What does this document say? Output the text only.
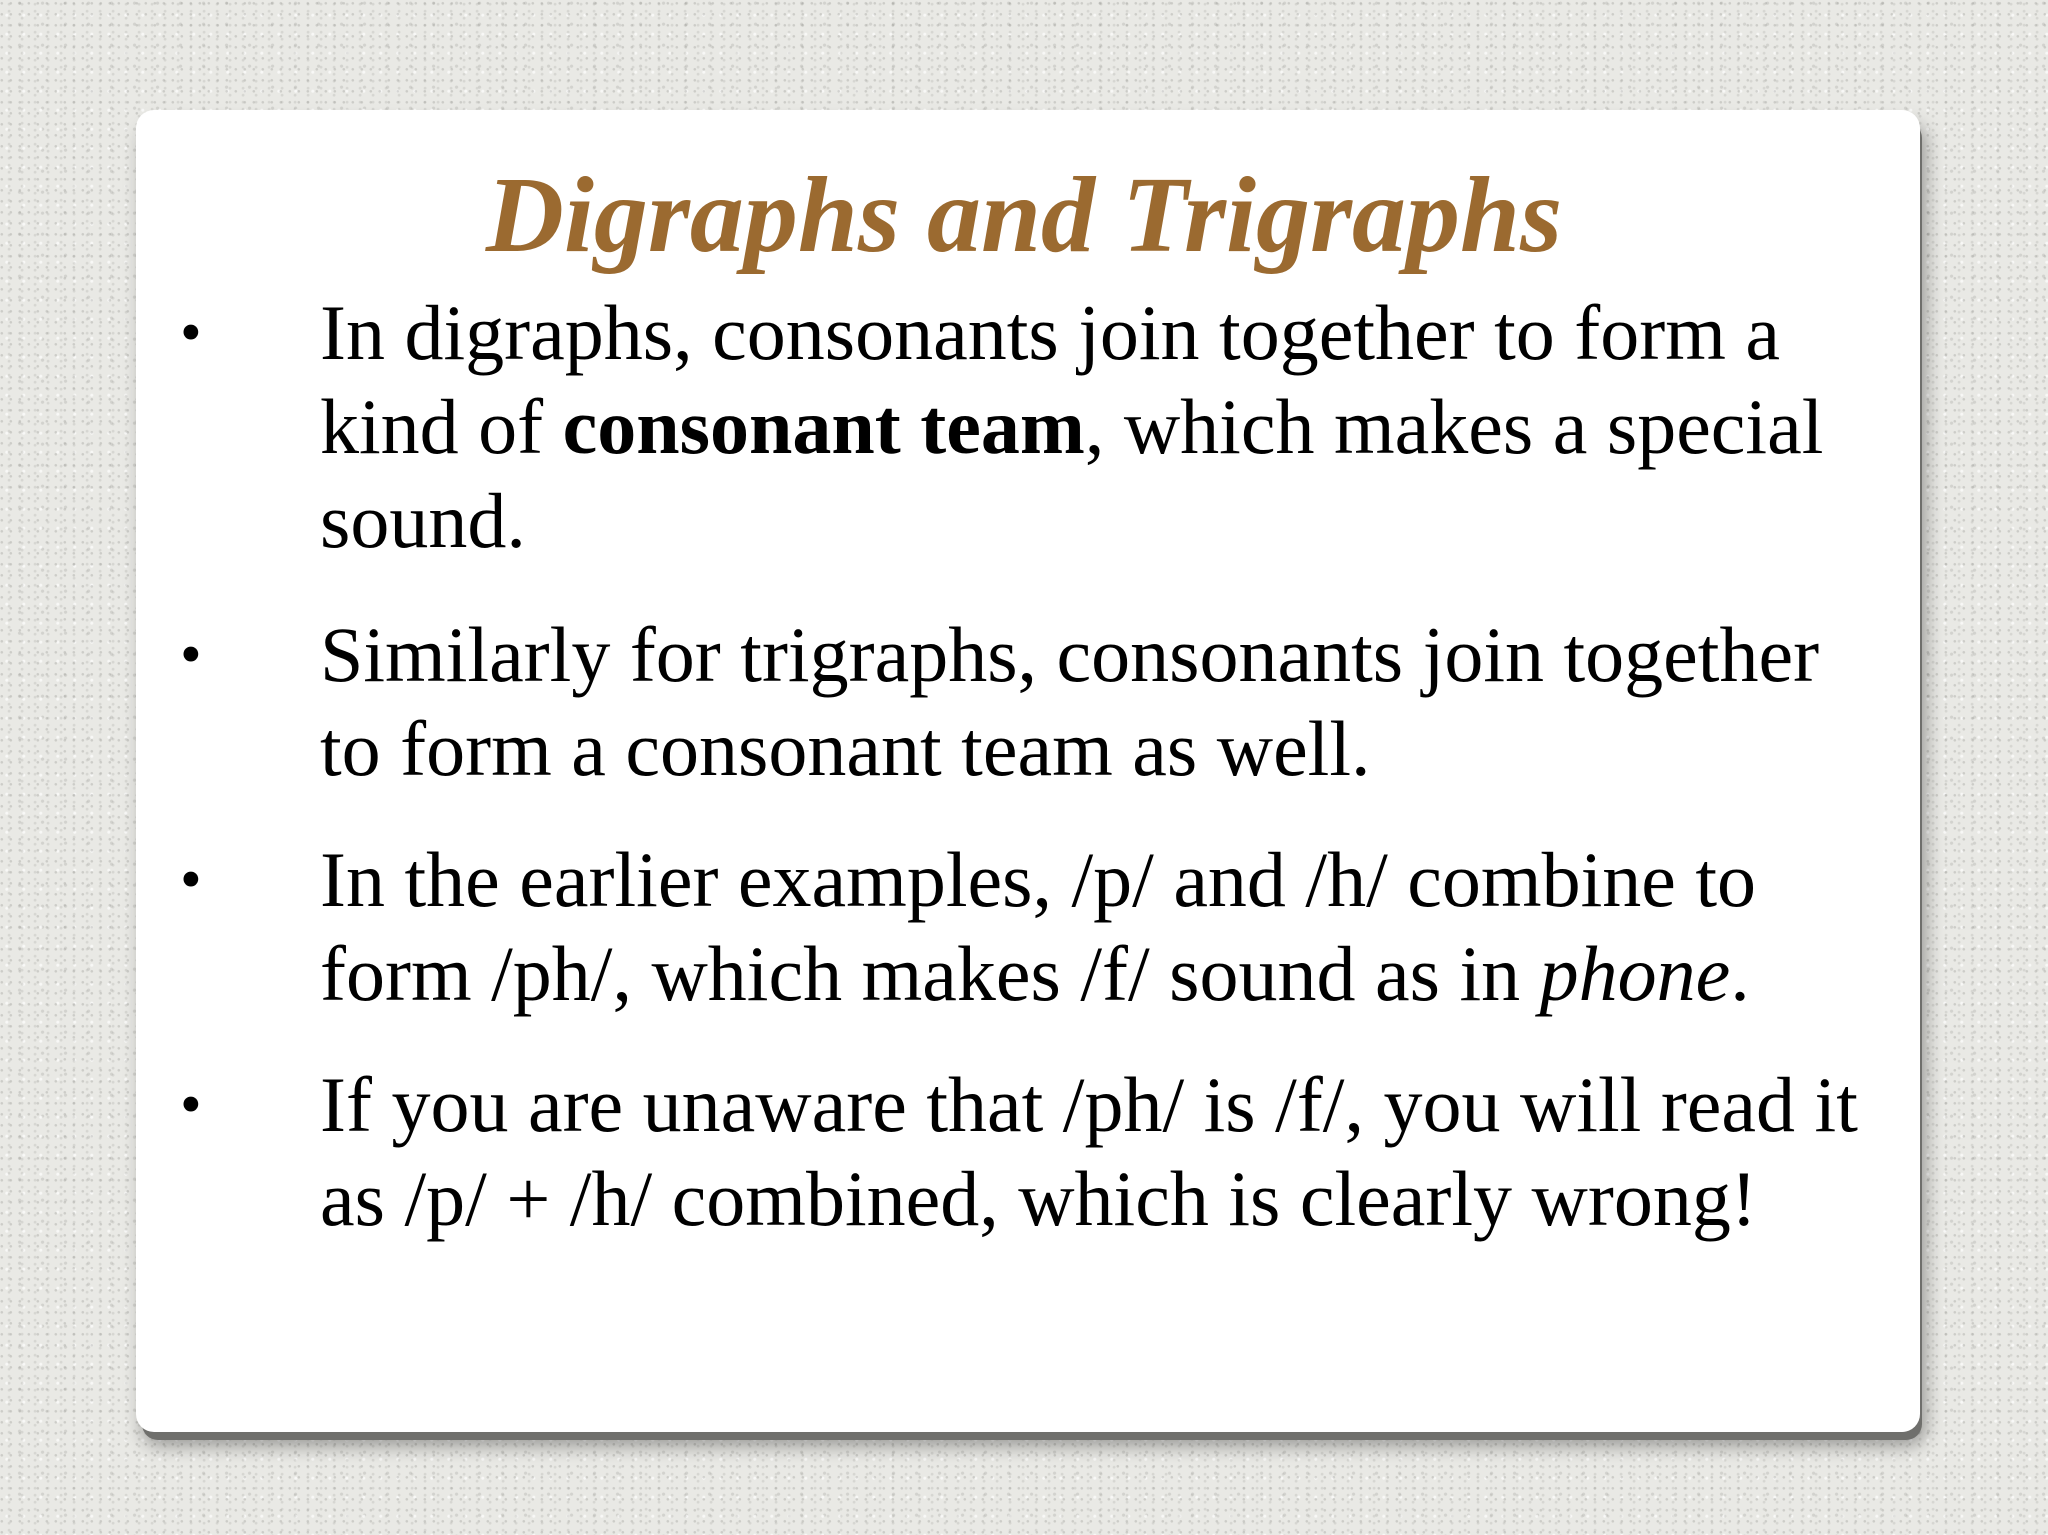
Digraphs and Trigraphs
• In digraphs, consonants join together to form a kind of consonant team, which makes a special sound.

• Similarly for trigraphs, consonants join together to form a consonant team as well.

• In the earlier examples, /p/ and /h/ combine to form /ph/, which makes /f/ sound as in phone.

• If you are unaware that /ph/ is /f/, you will read it as /p/ + /h/ combined, which is clearly wrong!
